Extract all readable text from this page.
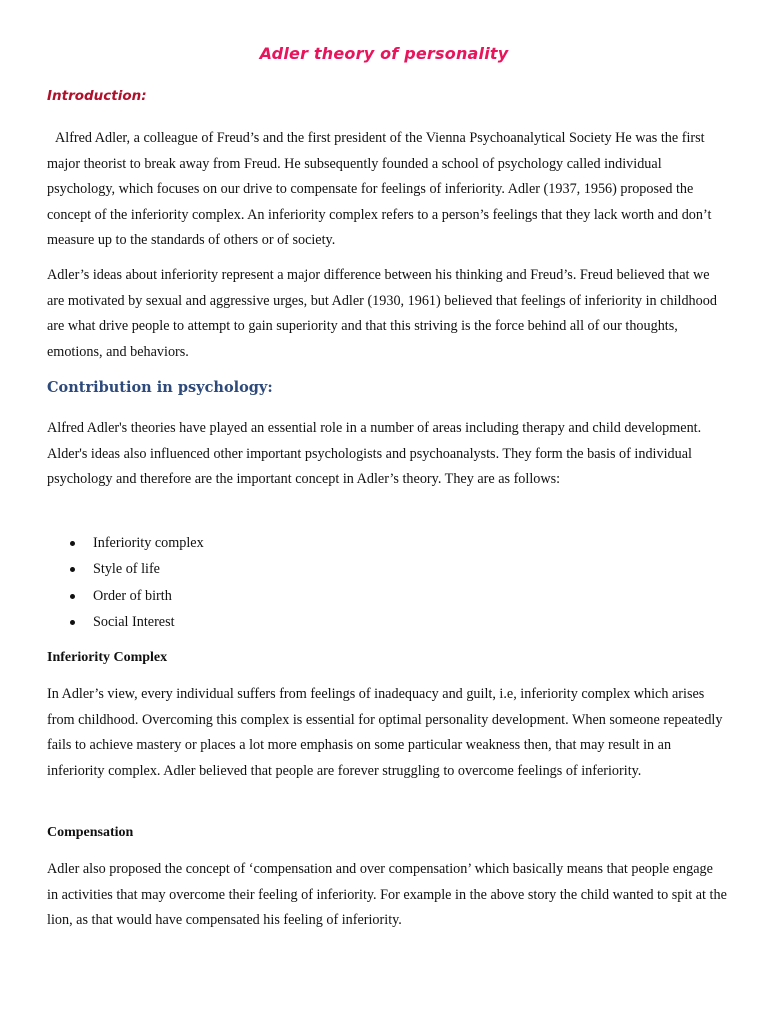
Adler theory of personality
Introduction:

Alfred Adler, a colleague of Freud’s and the first president of the Vienna Psychoanalytical Society He was the first major theorist to break away from Freud. He subsequently founded a school of psychology called individual psychology, which focuses on our drive to compensate for feelings of inferiority. Adler (1937, 1956) proposed the concept of the inferiority complex. An inferiority complex refers to a person’s feelings that they lack worth and don’t measure up to the standards of others or of society.

Adler’s ideas about inferiority represent a major difference between his thinking and Freud’s. Freud believed that we are motivated by sexual and aggressive urges, but Adler (1930, 1961) believed that feelings of inferiority in childhood are what drive people to attempt to gain superiority and that this striving is the force behind all of our thoughts, emotions, and behaviors.

Contribution in psychology:

Alfred Adler's theories have played an essential role in a number of areas including therapy and child development. Alder's ideas also influenced other important psychologists and psychoanalysts. They form the basis of individual psychology and therefore are the important concept in Adler’s theory. They are as follows:

Inferiority complex
Style of life
Order of birth
Social Interest
Inferiority Complex

In Adler’s view, every individual suffers from feelings of inadequacy and guilt, i.e, inferiority complex which arises from childhood. Overcoming this complex is essential for optimal personality development. When someone repeatedly fails to achieve mastery or places a lot more emphasis on some particular weakness then, that may result in an inferiority complex. Adler believed that people are forever struggling to overcome feelings of inferiority.

Compensation

Adler also proposed the concept of ‘compensation and over compensation’ which basically means that people engage in activities that may overcome their feeling of inferiority. For example in the above story the child wanted to spit at the lion, as that would have compensated his feeling of inferiority.
